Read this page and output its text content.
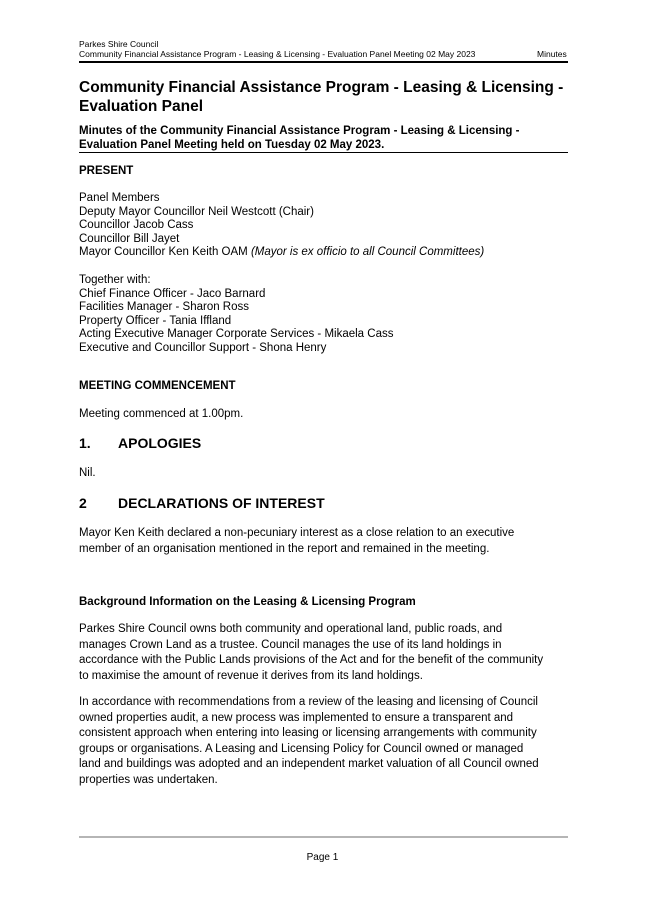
Parkes Shire Council
Community Financial Assistance Program - Leasing & Licensing - Evaluation Panel Meeting 02 May 2023	Minutes
Community Financial Assistance Program - Leasing & Licensing -
Evaluation Panel
Minutes of the Community Financial Assistance Program - Leasing & Licensing -
Evaluation Panel Meeting held on Tuesday 02 May 2023.
PRESENT

Panel Members

Deputy Mayor Councillor Neil Westcott (Chair)

Councillor Jacob Cass

Councillor Bill Jayet

Mayor Councillor Ken Keith OAM (Mayor is ex officio to all Council Committees)

Together with:

Chief Finance Officer - Jaco Barnard

Facilities Manager - Sharon Ross

Property Officer - Tania Iffland

Acting Executive Manager Corporate Services - Mikaela Cass

Executive and Councillor Support - Shona Henry

MEETING COMMENCEMENT
Meeting commenced at 1.00pm.
1. APOLOGIES
Nil.
2 DECLARATIONS OF INTEREST
Mayor Ken Keith declared a non-pecuniary interest as a close relation to an executive
member of an organisation mentioned in the report and remained in the meeting.
Background Information on the Leasing & Licensing Program
Parkes Shire Council owns both community and operational land, public roads, and
manages Crown Land as a trustee. Council manages the use of its land holdings in
accordance with the Public Lands provisions of the Act and for the benefit of the community
to maximise the amount of revenue it derives from its land holdings.
In accordance with recommendations from a review of the leasing and licensing of Council
owned properties audit, a new process was implemented to ensure a transparent and
consistent approach when entering into leasing or licensing arrangements with community
groups or organisations. A Leasing and Licensing Policy for Council owned or managed
land and buildings was adopted and an independent market valuation of all Council owned
properties was undertaken.
Page 1
